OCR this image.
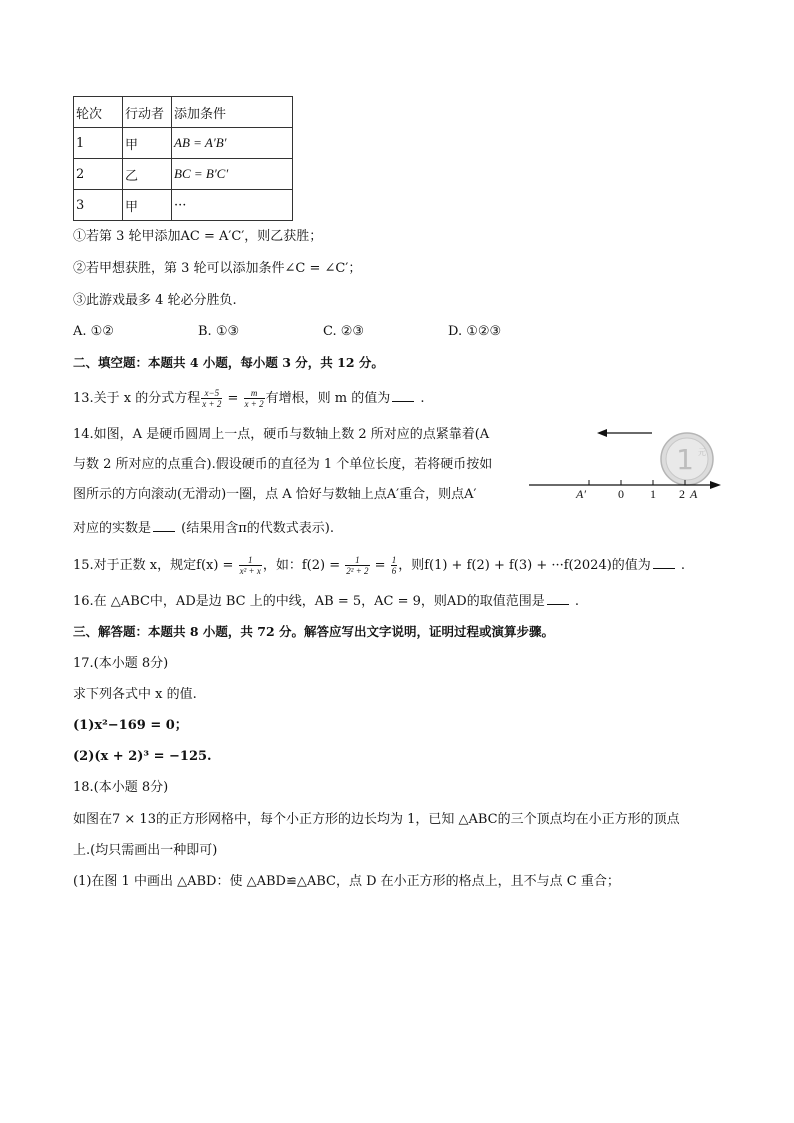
轮次	行动者	添加条件
1	甲	AB = A′B′
2	乙	BC = B′C′
3	甲	···
①若第 3 轮甲添加AC = A′C′，则乙获胜；
②若甲想获胜，第 3 轮可以添加条件∠C = ∠C′；
③此游戏最多 4 轮必分胜负.
A. ①②	B. ①③	C. ②③	D. ①②③
二、填空题：本题共 4 小题，每小题 3 分，共 12 分。
13.关于 x 的分式方程 $\frac{x-5}{x + 2} = \frac{m}{x + 2}$ 有增根，则 m 的值为 .
14.如图，A 是硬币圆周上一点，硬币与数轴上数 2 所对应的点紧靠着(A
与数 2 所对应的点重合).假设硬币的直径为 1 个单位长度，若将硬币按如
图所示的方向滚动(无滑动)一圈，点 A 恰好与数轴上点A′重合，则点A′
对应的实数是 (结果用含π的代数式表示).
1 元
A′	0 1 2 A
15.对于正数 x，规定$f(x) = \frac{1}{\text{x² + x}}$ ，如：$f(2) = \frac{1}{\text{2² + 2}} = \frac{1}{6}$ ，则f(1) + f(2) + f(3) + ···f(2024)的值为 .
16.在 △ABC中，AD是边 BC 上的中线，AB = 5，AC = 9，则AD的取值范围是 .
三、解答题：本题共 8 小题，共 72 分。解答应写出文字说明，证明过程或演算步骤。
17.(本小题 8分)
求下列各式中 x 的值.
(1)x²−169 = 0；
(2)(x + 2)³ = −125.
18.(本小题 8分)
如图在7 × 13的正方形网格中，每个小正方形的边长均为 1，已知 △ABC的三个顶点均在小正方形的顶点
上.(均只需画出一种即可)
(1)在图 1 中画出 △ABD：使 △ABD≌△ABC，点 D 在小正方形的格点上，且不与点 C 重合；
